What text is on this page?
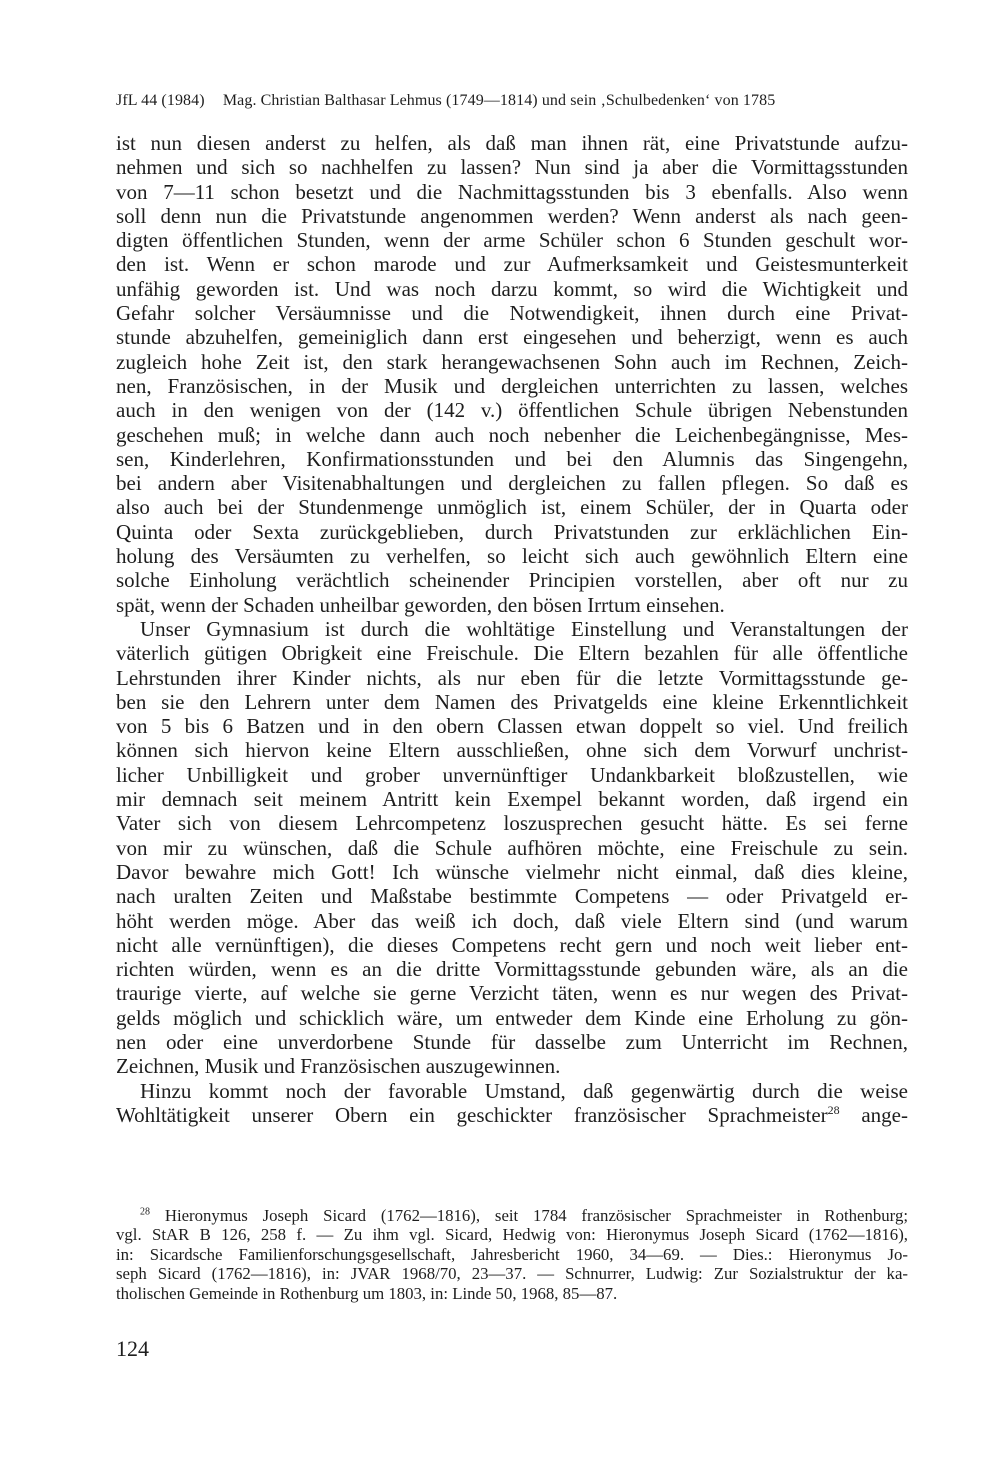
JfL 44 (1984) Mag. Christian Balthasar Lehmus (1749—1814) und sein ‚Schulbedenken‘ von 1785
ist nun diesen anderst zu helfen, als daß man ihnen rät, eine Privatstunde aufzu-
nehmen und sich so nachhelfen zu lassen? Nun sind ja aber die Vormittagsstunden
von 7—11 schon besetzt und die Nachmittagsstunden bis 3 ebenfalls. Also wenn
soll denn nun die Privatstunde angenommen werden? Wenn anderst als nach geen-
digten öffentlichen Stunden, wenn der arme Schüler schon 6 Stunden geschult wor-
den ist. Wenn er schon marode und zur Aufmerksamkeit und Geistesmunterkeit
unfähig geworden ist. Und was noch darzu kommt, so wird die Wichtigkeit und
Gefahr solcher Versäumnisse und die Notwendigkeit, ihnen durch eine Privat-
stunde abzuhelfen, gemeiniglich dann erst eingesehen und beherzigt, wenn es auch
zugleich hohe Zeit ist, den stark herangewachsenen Sohn auch im Rechnen, Zeich-
nen, Französischen, in der Musik und dergleichen unterrichten zu lassen, welches
auch in den wenigen von der (142 v.) öffentlichen Schule übrigen Nebenstunden
geschehen muß; in welche dann auch noch nebenher die Leichenbegängnisse, Mes-
sen, Kinderlehren, Konfirmationsstunden und bei den Alumnis das Singengehn,
bei andern aber Visitenabhaltungen und dergleichen zu fallen pflegen. So daß es
also auch bei der Stundenmenge unmöglich ist, einem Schüler, der in Quarta oder
Quinta oder Sexta zurückgeblieben, durch Privatstunden zur erklächlichen Ein-
holung des Versäumten zu verhelfen, so leicht sich auch gewöhnlich Eltern eine
solche Einholung verächtlich scheinender Principien vorstellen, aber oft nur zu
spät, wenn der Schaden unheilbar geworden, den bösen Irrtum einsehen.
Unser Gymnasium ist durch die wohltätige Einstellung und Veranstaltungen der
väterlich gütigen Obrigkeit eine Freischule. Die Eltern bezahlen für alle öffentliche
Lehrstunden ihrer Kinder nichts, als nur eben für die letzte Vormittagsstunde ge-
ben sie den Lehrern unter dem Namen des Privatgelds eine kleine Erkenntlichkeit
von 5 bis 6 Batzen und in den obern Classen etwan doppelt so viel. Und freilich
können sich hiervon keine Eltern ausschließen, ohne sich dem Vorwurf unchrist-
licher Unbilligkeit und grober unvernünftiger Undankbarkeit bloßzustellen, wie
mir demnach seit meinem Antritt kein Exempel bekannt worden, daß irgend ein
Vater sich von diesem Lehrcompetenz loszusprechen gesucht hätte. Es sei ferne
von mir zu wünschen, daß die Schule aufhören möchte, eine Freischule zu sein.
Davor bewahre mich Gott! Ich wünsche vielmehr nicht einmal, daß dies kleine,
nach uralten Zeiten und Maßstabe bestimmte Competens — oder Privatgeld er-
höht werden möge. Aber das weiß ich doch, daß viele Eltern sind (und warum
nicht alle vernünftigen), die dieses Competens recht gern und noch weit lieber ent-
richten würden, wenn es an die dritte Vormittagsstunde gebunden wäre, als an die
traurige vierte, auf welche sie gerne Verzicht täten, wenn es nur wegen des Privat-
gelds möglich und schicklich wäre, um entweder dem Kinde eine Erholung zu gön-
nen oder eine unverdorbene Stunde für dasselbe zum Unterricht im Rechnen,
Zeichnen, Musik und Französischen auszugewinnen.
Hinzu kommt noch der favorable Umstand, daß gegenwärtig durch die weise
Wohltätigkeit unserer Obern ein geschickter französischer Sprachmeister$^{28}$ ange-
$^{28}$ Hieronymus Joseph Sicard (1762—1816), seit 1784 französischer Sprachmeister in Rothenburg;
vgl. StAR B 126, 258 f. — Zu ihm vgl. Sicard, Hedwig von: Hieronymus Joseph Sicard (1762—1816),
in: Sicardsche Familienforschungsgesellschaft, Jahresbericht 1960, 34—69. — Dies.: Hieronymus Jo-
seph Sicard (1762—1816), in: JVAR 1968/70, 23—37. — Schnurrer, Ludwig: Zur Sozialstruktur der ka-
tholischen Gemeinde in Rothenburg um 1803, in: Linde 50, 1968, 85—87.
124
